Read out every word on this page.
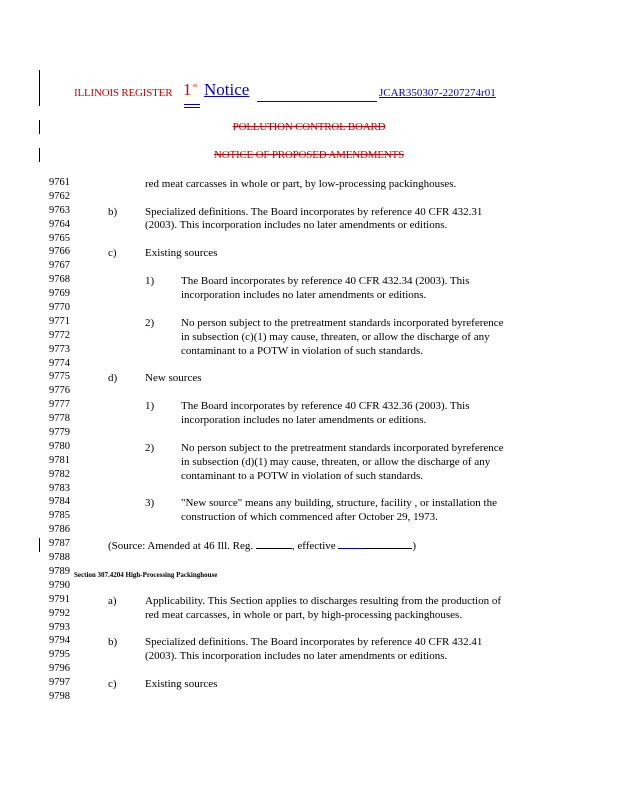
ILLINOIS REGISTER 1 st Notice	JCAR350307-2207274r01
POLLUTION CONTROL BOARD
NOTICE OF PROPOSED AMENDMENTS
9761
9762
9763
9764
9765
9766
9767
9768
9769
9770
9771
9772
9773
9774
9775
9776
9777
9778
9779
9780
9781
9782
9783
9784
9785
9786
9787
9788
9789
9790
9791
9792
9793
9794
9795
9796
9797
9798
red meat carcasses in whole or part, by low-processing packinghouses.
b)	Specialized definitions. The Board incorporates by reference 40 CFR 432.31
(2003). This incorporation includes no later amendments or editions.
c)	Existing sources
1) The Board incorporates by reference 40 CFR 432.34 (2003). This
incorporation includes no later amendments or editions.
2) No person subject to the pretreatment standards incorporated byreference
in subsection (c)(1) may cause, threaten, or allow the discharge of any
contaminant to a POTW in violation of such standards.
d)	New sources
1) The Board incorporates by reference 40 CFR 432.36 (2003). This
incorporation includes no later amendments or editions.
2) No person subject to the pretreatment standards incorporated byreference
in subsection (d)(1) may cause, threaten, or allow the discharge of any
contaminant to a POTW in violation of such standards.
3) "New source" means any building, structure, facility , or installation the
construction of which commenced after October 29, 1973.
(Source: Amended at 46 Ill. Reg.	, effective	)
Section 307.4204 High-Processing Packinghouse
a)	Applicability. This Section applies to discharges resulting from the production of
red meat carcasses, in whole or part, by high-processing packinghouses.
b)	Specialized definitions. The Board incorporates by reference 40 CFR 432.41
(2003). This incorporation includes no later amendments or editions.
c)	Existing sources
